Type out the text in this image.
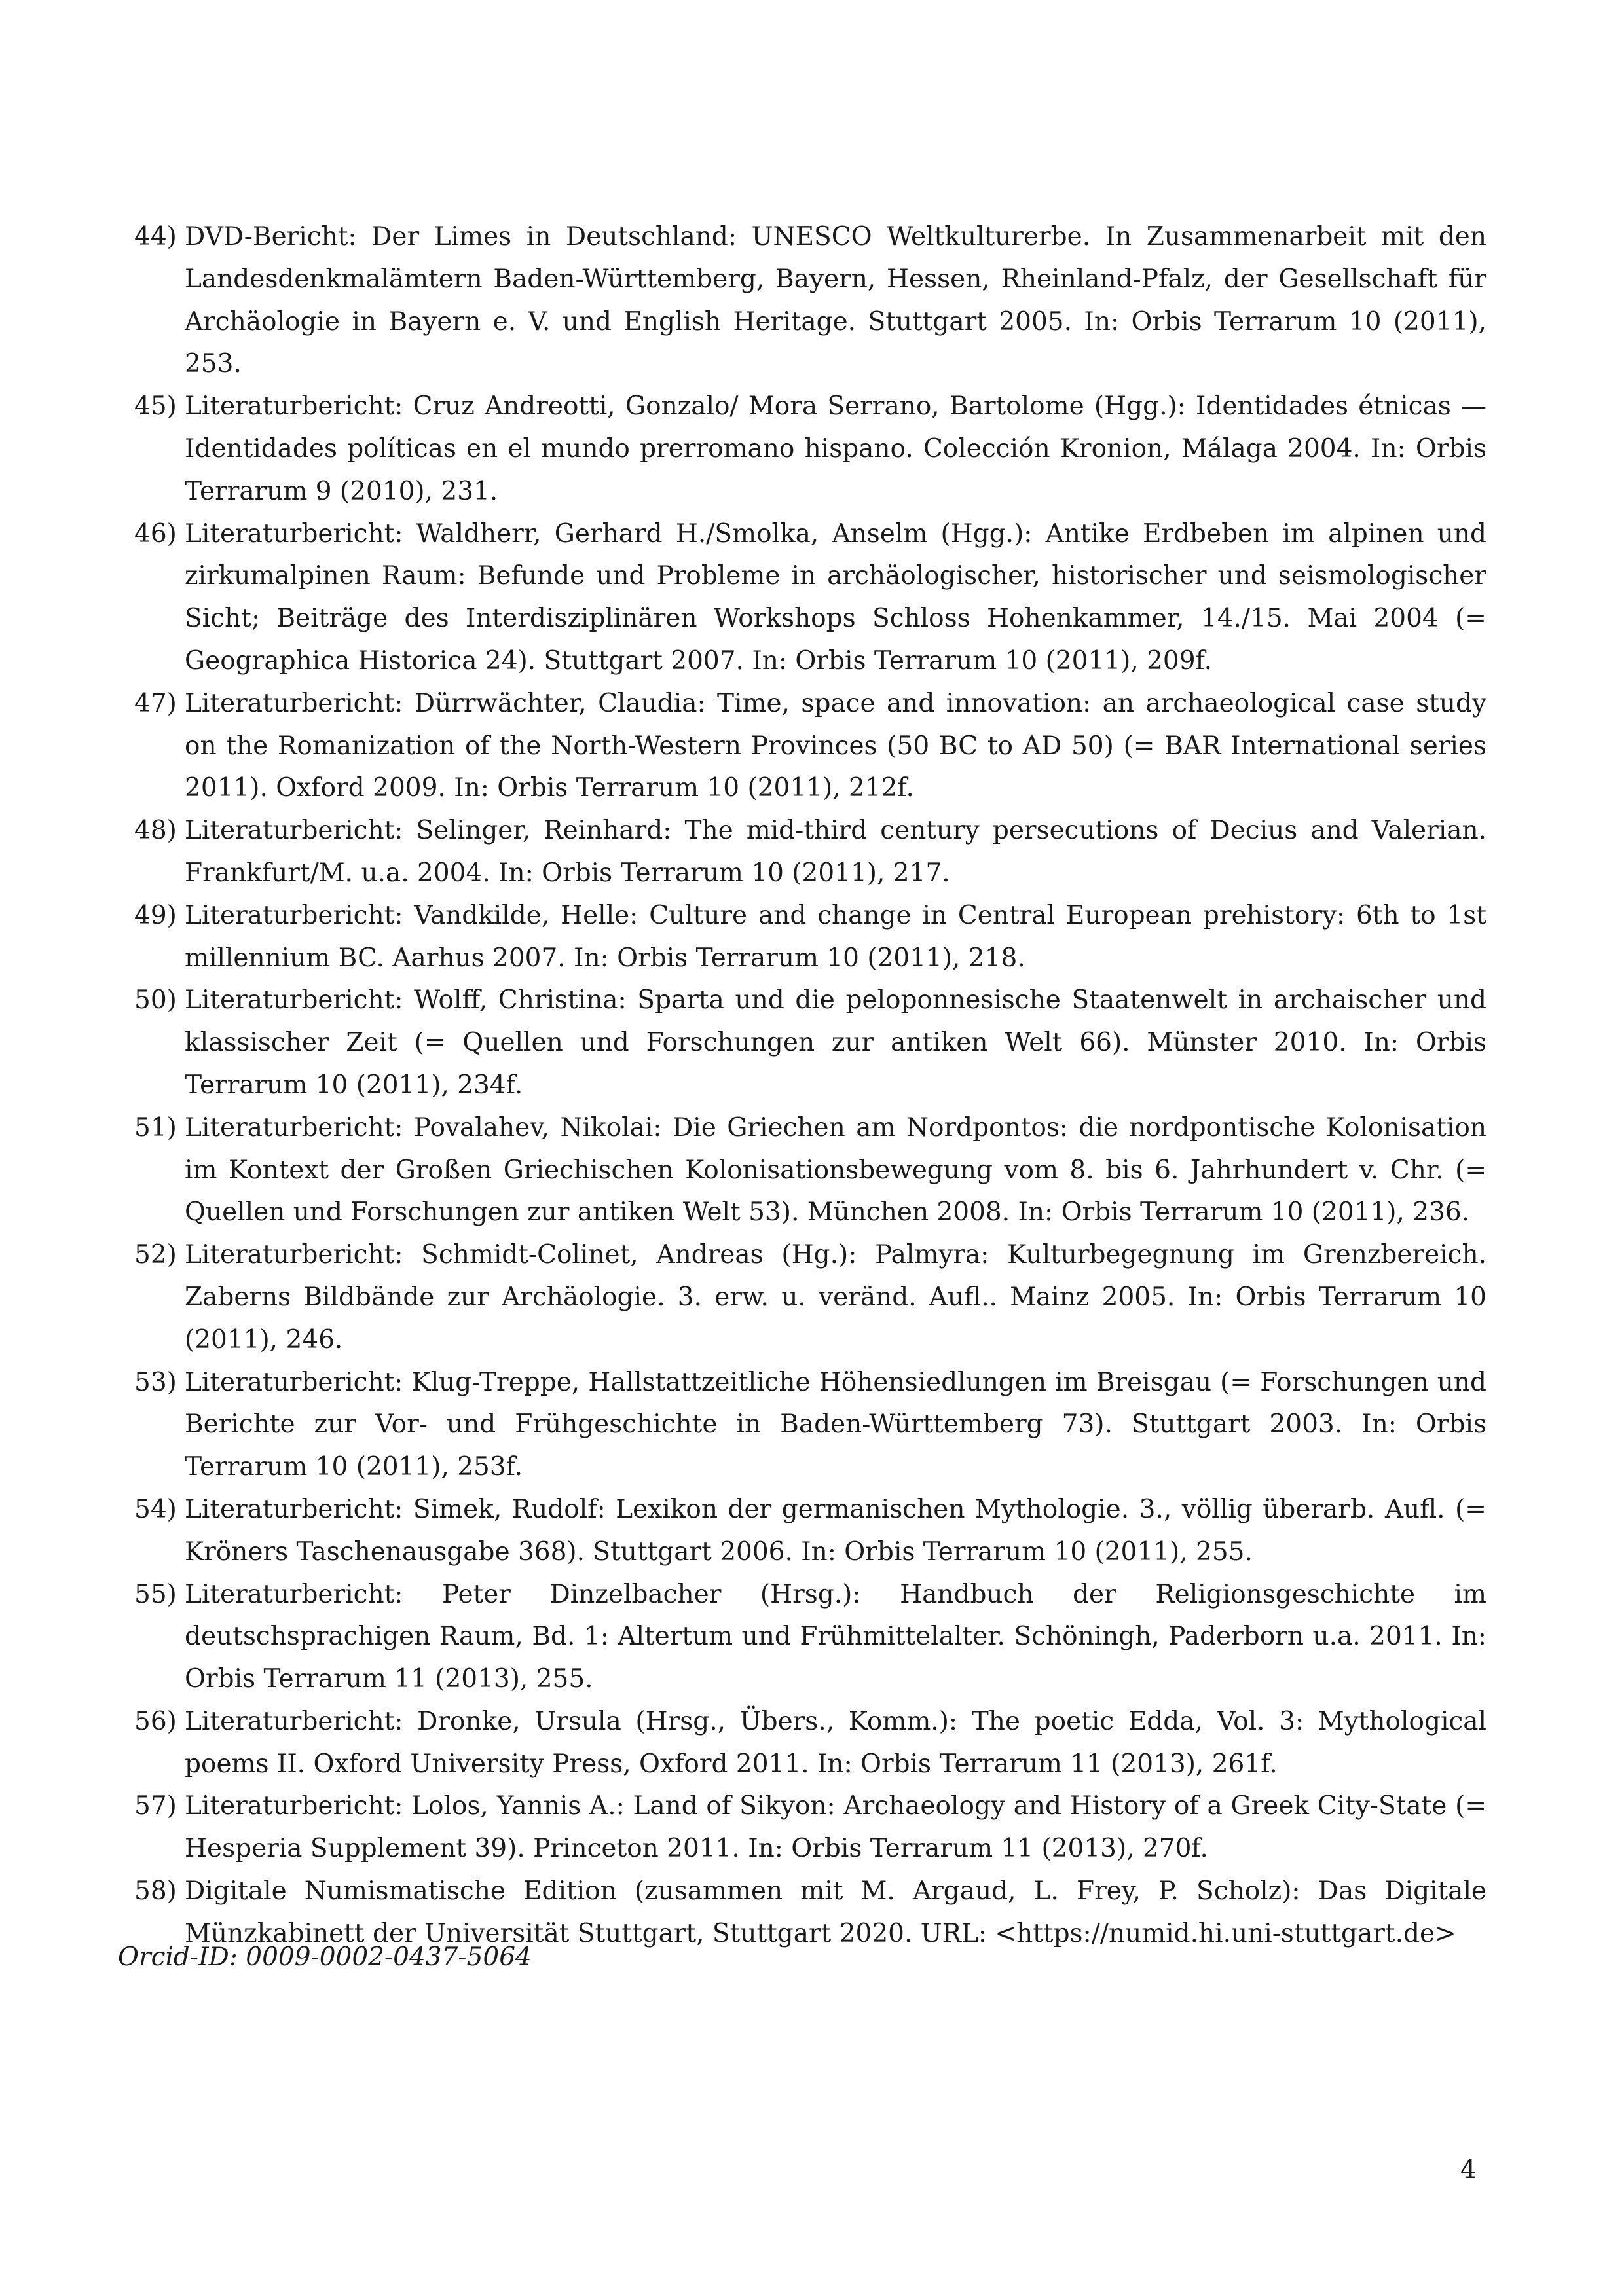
44) DVD-Bericht: Der Limes in Deutschland: UNESCO Weltkulturerbe. In Zusammenarbeit mit den Landesdenkmalämtern Baden-Württemberg, Bayern, Hessen, Rheinland-Pfalz, der Gesellschaft für Archäologie in Bayern e. V. und English Heritage. Stuttgart 2005. In: Orbis Terrarum 10 (2011), 253.
45) Literaturbericht: Cruz Andreotti, Gonzalo/ Mora Serrano, Bartolome (Hgg.): Identidades étnicas — Identidades políticas en el mundo prerromano hispano. Colección Kronion, Málaga 2004. In: Orbis Terrarum 9 (2010), 231.
46) Literaturbericht: Waldherr, Gerhard H./Smolka, Anselm (Hgg.): Antike Erdbeben im alpinen und zirkumalpinen Raum: Befunde und Probleme in archäologischer, historischer und seismologischer Sicht; Beiträge des Interdisziplinären Workshops Schloss Hohenkammer, 14./15. Mai 2004 (= Geographica Historica 24). Stuttgart 2007. In: Orbis Terrarum 10 (2011), 209f.
47) Literaturbericht: Dürrwächter, Claudia: Time, space and innovation: an archaeological case study on the Romanization of the North-Western Provinces (50 BC to AD 50) (= BAR International series 2011). Oxford 2009. In: Orbis Terrarum 10 (2011), 212f.
48) Literaturbericht: Selinger, Reinhard: The mid-third century persecutions of Decius and Valerian. Frankfurt/M. u.a. 2004. In: Orbis Terrarum 10 (2011), 217.
49) Literaturbericht: Vandkilde, Helle: Culture and change in Central European prehistory: 6th to 1st millennium BC. Aarhus 2007. In: Orbis Terrarum 10 (2011), 218.
50) Literaturbericht: Wolff, Christina: Sparta und die peloponnesische Staatenwelt in archaischer und klassischer Zeit (= Quellen und Forschungen zur antiken Welt 66). Münster 2010. In: Orbis Terrarum 10 (2011), 234f.
51) Literaturbericht: Povalahev, Nikolai: Die Griechen am Nordpontos: die nordpontische Kolonisation im Kontext der Großen Griechischen Kolonisationsbewegung vom 8. bis 6. Jahrhundert v. Chr. (= Quellen und Forschungen zur antiken Welt 53). München 2008. In: Orbis Terrarum 10 (2011), 236.
52) Literaturbericht: Schmidt-Colinet, Andreas (Hg.): Palmyra: Kulturbegegnung im Grenzbereich. Zaberns Bildbände zur Archäologie. 3. erw. u. veränd. Aufl.. Mainz 2005. In: Orbis Terrarum 10 (2011), 246.
53) Literaturbericht: Klug-Treppe, Hallstattzeitliche Höhensiedlungen im Breisgau (= Forschungen und Berichte zur Vor- und Frühgeschichte in Baden-Württemberg 73). Stuttgart 2003. In: Orbis Terrarum 10 (2011), 253f.
54) Literaturbericht: Simek, Rudolf: Lexikon der germanischen Mythologie. 3., völlig überarb. Aufl. (= Kröners Taschenausgabe 368). Stuttgart 2006. In: Orbis Terrarum 10 (2011), 255.
55) Literaturbericht: Peter Dinzelbacher (Hrsg.): Handbuch der Religionsgeschichte im deutschsprachigen Raum, Bd. 1: Altertum und Frühmittelalter. Schöningh, Paderborn u.a. 2011. In: Orbis Terrarum 11 (2013), 255.
56) Literaturbericht: Dronke, Ursula (Hrsg., Übers., Komm.): The poetic Edda, Vol. 3: Mythological poems II. Oxford University Press, Oxford 2011. In: Orbis Terrarum 11 (2013), 261f.
57) Literaturbericht: Lolos, Yannis A.: Land of Sikyon: Archaeology and History of a Greek City-State (= Hesperia Supplement 39). Princeton 2011. In: Orbis Terrarum 11 (2013), 270f.
58) Digitale Numismatische Edition (zusammen mit M. Argaud, L. Frey, P. Scholz): Das Digitale Münzkabinett der Universität Stuttgart, Stuttgart 2020. URL: <https://numid.hi.uni-stuttgart.de>
Orcid-ID: 0009-0002-0437-5064
4
